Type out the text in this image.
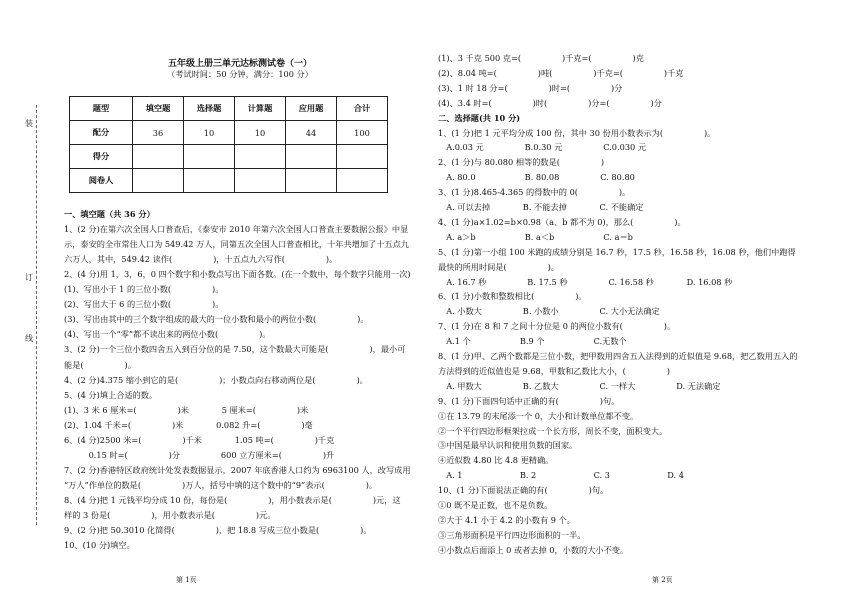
装
订
线
五年级上册三单元达标测试卷（一）
（考试时间：50 分钟，满分：100 分）
题型	填空题	选择题	计算题	应用题	合计
配分	36	10	10	44	100
得分					
阅卷人					
一、填空题（共 36 分）
1、(2 分)在第六次全国人口普查后，《泰安市 2010 年第六次全国人口普查主要数据公报》中显
示，泰安的全市常住人口为 549.42 万人，同第五次全国人口普查相比，十年共增加了十五点九
六万人，其中，549.42 读作(　　　　　)，十五点九六写作(　　　　　)。
2、(4 分)用 1，3，6，0 四个数字和小数点写出下面各数。(在一个数中，每个数字只能用一次)
(1)、写出小于 1 的三位小数(　　　　　)。
(2)、写出大于 6 的三位小数(　　　　　)。
(3)、写出由其中的三个数字组成的最大的一位小数和最小的两位小数(　　　　　)。
(4)、写出一个“零”都不读出来的两位小数(　　　　　)。
3、(2 分)一个三位小数四舍五入到百分位的是 7.50，这个数最大可能是(　　　　　)，最小可
能是(　　　　　)。
4、(2 分)4.375 缩小到它的是(　　　　　)；小数点向右移动两位是(　　　　　)。
5、(4 分)填上合适的数。
(1)、3 米 6 厘米=(　　　　　)米　　　　5 厘米=(　　　　　)米
(2)、1.04 千米=(　　　　　)米　　　　0.082 升=(　　　　　)毫
6、(4 分)2500 米=(　　　　　)千米　　　　1.05 吨=(　　　　　)千克
　　　0.15 时=(　　　　　)分　　　　　600 立方厘米=(　　　　　)升
7、(2 分)香港特区政府统计处发表数据显示，2007 年底香港人口约为 6963100 人，改写成用
“万人”作单位的数是(　　　　　)万人，括号中填的这个数中的“9”表示(　　　　　)。
8、(4 分)把 1 元钱平均分成 10 份，每份是(　　　　　)，用小数表示是(　　　　　)元，这
样的 3 份是(　　　　　)，用小数表示是(　　　　　)元。
9、(2 分)把 50.3010 化简得(　　　　　)，把 18.8 写成三位小数是(　　　　　)。
10、(10 分)填空。
第 1页
(1)、3 千克 500 克=(　　　　　)千克=(　　　　　)克
(2)、8.04 吨=(　　　　　)吨(　　　　　)千克=(　　　　　)千克
(3)、1 时 18 分=(　　　　　)时=(　　　　　)分
(4)、3.4 时=(　　　　　)时(　　　　　)分=(　　　　　)分
二、选择题(共 10 分)
1、(1 分)把 1 元平均分成 100 份，其中 30 份用小数表示为(　　　　　)。
　A.0.03 元　　　　　B.0.30 元　　　　　C.0.030 元
2、(1 分)与 80.080 相等的数是(　　　　　)
　A. 80.0　　　　　　B. 80.08　　　　　C. 80.80
3、(1 分)8.465-4.365 的得数中的 0(　　　　　)。
　A. 可以去掉　　　　B. 不能去掉　　　　C. 不能确定
4、(1 分)a×1.02=b×0.98（a、b 都不为 0)，那么(　　　　　)。
　A. a＞b　　　　　　B. a＜b　　　　　　C. a＝b
5、(1 分)第一小组 100 米跑的成绩分别是 16.7 秒，17.5 秒，16.58 秒，16.08 秒，他们中跑得
最快的所用时间是(　　　　　)。
　A. 16.7 秒　　　　　B. 17.5 秒　　　　　C. 16.58 秒　　　　D. 16.08 秒
6、(1 分)小数和整数相比(　　　　　)。
　A. 小数大　　　　　B. 小数小　　　　　C. 大小无法确定
7、(1 分)在 8 和 7 之间十分位是 0 的两位小数有(　　　　　)。
　A.1 个　　　　　　B.9 个　　　　　　C.无数个
8、(1 分)甲、乙两个数都是三位小数，把甲数用四舍五入法得到的近似值是 9.68，把乙数用五入的
方法得到的近似值也是 9.68，甲数和乙数比大小，(　　　　　)
　A. 甲数大　　　　　B. 乙数大　　　　　C. 一样大　　　　　D. 无法确定
9、(1 分)下面四句话中正确的有(　　　　　)句。
①在 13.79 的末尾添一个 0，大小和计数单位都不变。
②一个平行四边形框架拉成一个长方形，周长不变，面积变大。
③中国是最早认识和使用负数的国家。
④近似数 4.80 比 4.8 更精确。
　A. 1　　　　　　　B. 2　　　　　　　C. 3　　　　　　　D. 4
10、(1 分)下面说法正确的有(　　　　　)句。
①0 既不是正数，也不是负数。
②大于 4.1 小于 4.2 的小数有 9 个。
③三角形面积是平行四边形面积的一半。
④小数点后面添上 0 或者去掉 0，小数的大小不变。
第 2页
